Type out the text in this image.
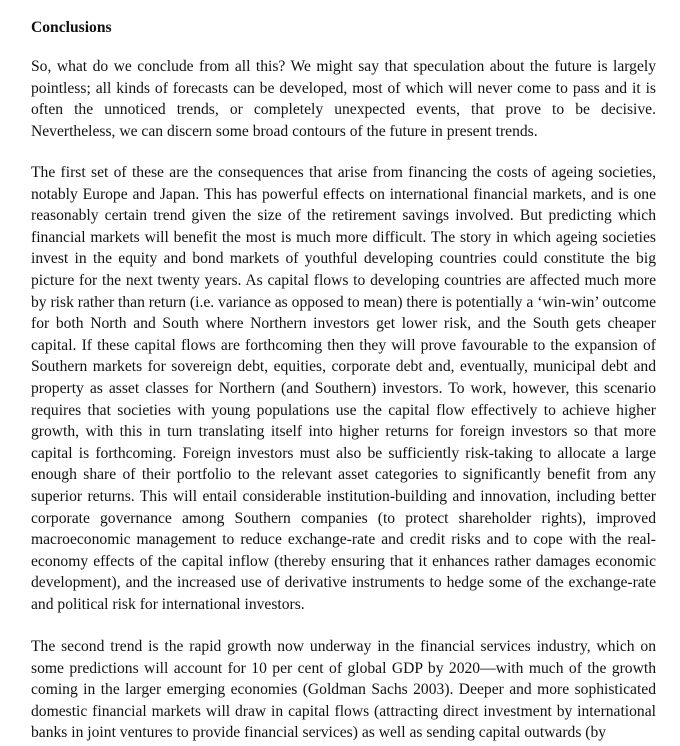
Conclusions

So, what do we conclude from all this? We might say that speculation about the future is largely pointless; all kinds of forecasts can be developed, most of which will never come to pass and it is often the unnoticed trends, or completely unexpected events, that prove to be decisive. Nevertheless, we can discern some broad contours of the future in present trends.

The first set of these are the consequences that arise from financing the costs of ageing societies, notably Europe and Japan. This has powerful effects on international financial markets, and is one reasonably certain trend given the size of the retirement savings involved. But predicting which financial markets will benefit the most is much more difficult. The story in which ageing societies invest in the equity and bond markets of youthful developing countries could constitute the big picture for the next twenty years. As capital flows to developing countries are affected much more by risk rather than return (i.e. variance as opposed to mean) there is potentially a ‘win-win’ outcome for both North and South where Northern investors get lower risk, and the South gets cheaper capital. If these capital flows are forthcoming then they will prove favourable to the expansion of Southern markets for sovereign debt, equities, corporate debt and, eventually, municipal debt and property as asset classes for Northern (and Southern) investors. To work, however, this scenario requires that societies with young populations use the capital flow effectively to achieve higher growth, with this in turn translating itself into higher returns for foreign investors so that more capital is forthcoming. Foreign investors must also be sufficiently risk-taking to allocate a large enough share of their portfolio to the relevant asset categories to significantly benefit from any superior returns. This will entail considerable institution-building and innovation, including better corporate governance among Southern companies (to protect shareholder rights), improved macroeconomic management to reduce exchange-rate and credit risks and to cope with the real-economy effects of the capital inflow (thereby ensuring that it enhances rather damages economic development), and the increased use of derivative instruments to hedge some of the exchange-rate and political risk for international investors.

The second trend is the rapid growth now underway in the financial services industry, which on some predictions will account for 10 per cent of global GDP by 2020—with much of the growth coming in the larger emerging economies (Goldman Sachs 2003). Deeper and more sophisticated domestic financial markets will draw in capital flows (attracting direct investment by international banks in joint ventures to provide financial services) as well as sending capital outwards (by
